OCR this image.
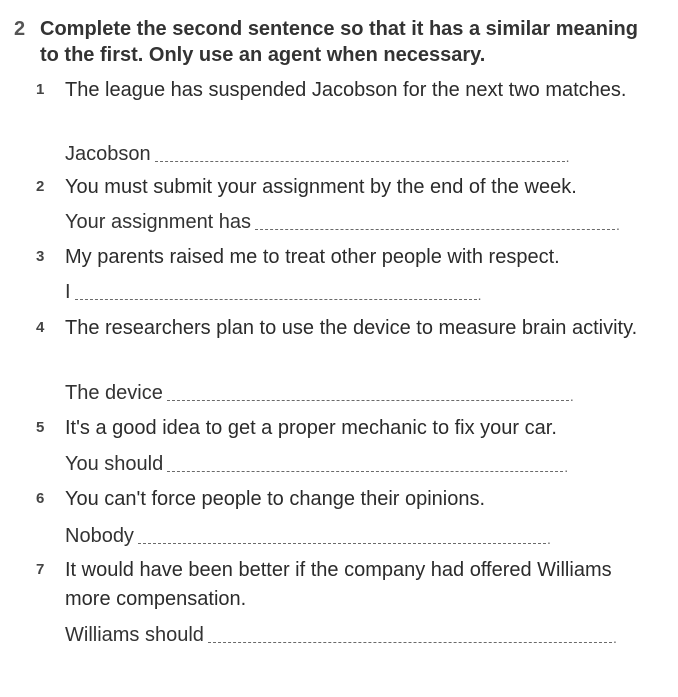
2 Complete the second sentence so that it has a similar meaning to the first. Only use an agent when necessary.
1	The league has suspended Jacobson for the next two matches.
Jacobson	.
2	You must submit your assignment by the end of the week.
Your assignment has	.
3	My parents raised me to treat other people with respect.
I	.
4	The researchers plan to use the device to measure brain activity.
The device	.
5	It's a good idea to get a proper mechanic to fix your car.
You should	.
6	You can't force people to change their opinions.
Nobody	.
7	It would have been better if the company had offered Williams more compensation.
Williams should	.
